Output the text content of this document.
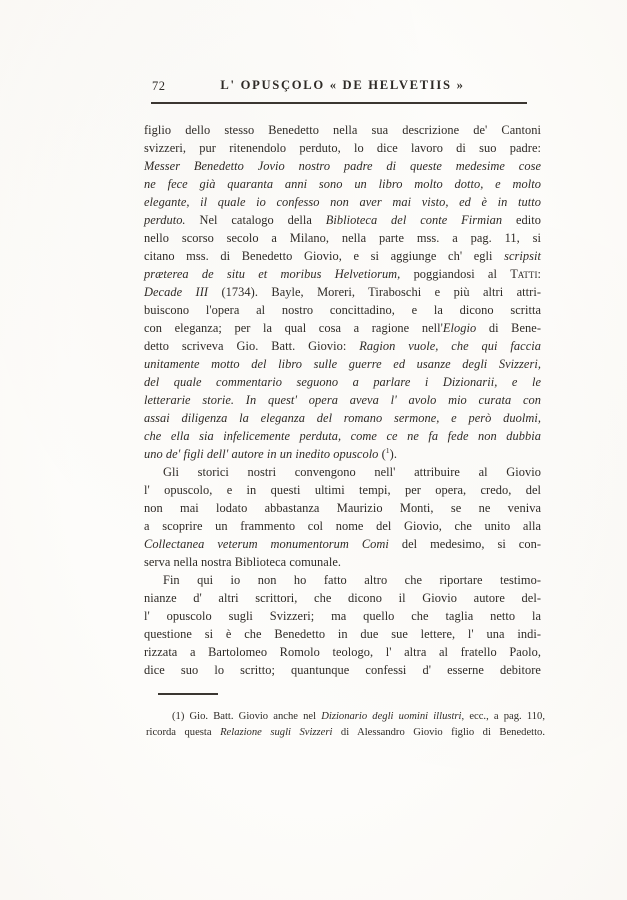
72	L' OPUSÇOLO « DE HELVETIIS »
figlio dello stesso Benedetto nella sua descrizione de' Cantoni
svizzeri, pur ritenendolo perduto, lo dice lavoro di suo padre:
Messer Benedetto Jovio nostro padre di queste medesime cose
ne fece già quaranta anni sono un libro molto dotto, e molto
elegante, il quale io confesso non aver mai visto, ed è in tutto
perduto. Nel catalogo della Biblioteca del conte Firmian edito
nello scorso secolo a Milano, nella parte mss. a pag. 11, si
citano mss. di Benedetto Giovio, e si aggiunge ch' egli scripsit
præterea de situ et moribus Helvetiorum, poggiandosi al Tatti:
Decade III (1734). Bayle, Moreri, Tiraboschi e più altri attri-
buiscono l'opera al nostro concittadino, e la dicono scritta
con eleganza; per la qual cosa a ragione nell'Elogio di Bene-
detto scriveva Gio. Batt. Giovio: Ragion vuole, che qui faccia
unitamente motto del libro sulle guerre ed usanze degli Svizzeri,
del quale commentario seguono a parlare i Dizionarii, e le
letterarie storie. In quest' opera aveva l' avolo mio curata con
assai diligenza la eleganza del romano sermone, e però duolmi,
che ella sia infelicemente perduta, come ce ne fa fede non dubbia
uno de' figli dell' autore in un inedito opuscolo ($^1$).
Gli storici nostri convengono nell' attribuire al Giovio
l' opuscolo, e in questi ultimi tempi, per opera, credo, del
non mai lodato abbastanza Maurizio Monti, se ne veniva
a scoprire un frammento col nome del Giovio, che unito alla
Collectanea veterum monumentorum Comi del medesimo, si con-
serva nella nostra Biblioteca comunale.
Fin qui io non ho fatto altro che riportare testimo-
nianze d' altri scrittori, che dicono il Giovio autore del-
l' opuscolo sugli Svizzeri; ma quello che taglia netto la
questione si è che Benedetto in due sue lettere, l' una indi-
rizzata a Bartolomeo Romolo teologo, l' altra al fratello Paolo,
dice suo lo scritto; quantunque confessi d' esserne debitore
(1) Gio. Batt. Giovio anche nel Dizionario degli uomini illustri, ecc., a pag. 110,
ricorda questa Relazione sugli Svizzeri di Alessandro Giovio figlio di Benedetto.
